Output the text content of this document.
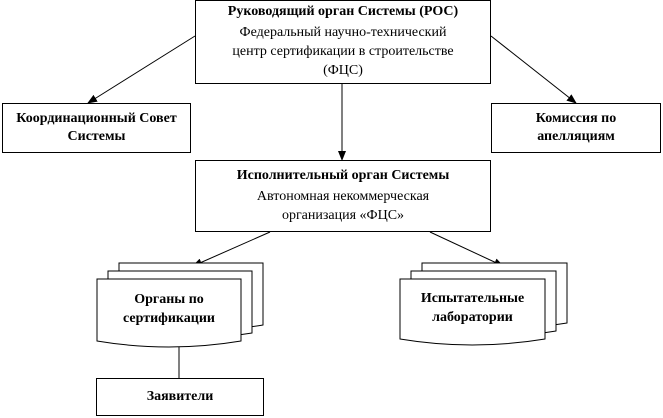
Руководящий орган Системы (РОС)
Федеральный научно-технический
центр сертификации в строительстве
(ФЦС)
Координационный Совет
Системы
Комиссия по
апелляциям
Исполнительный орган Системы
Автономная некоммерческая
организация «ФЦС»
Органы по
сертификации
Испытательные
лаборатории
Заявители
